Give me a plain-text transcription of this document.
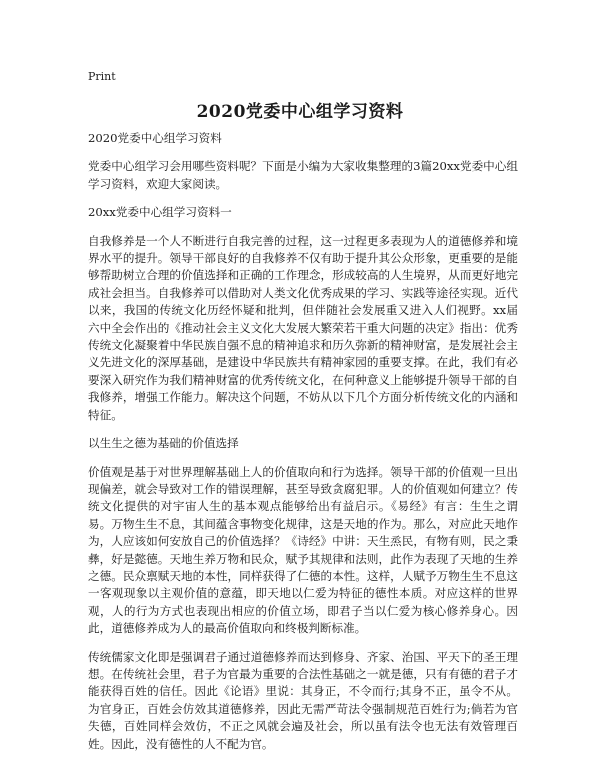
Print
2020党委中心组学习资料

2020党委中心组学习资料

党委中心组学习会用哪些资料呢？下面是小编为大家收集整理的3篇20xx党委中心组学习资料，欢迎大家阅读。

20xx党委中心组学习资料一

自我修养是一个人不断进行自我完善的过程，这一过程更多表现为人的道德修养和境界水平的提升。领导干部良好的自我修养不仅有助于提升其公众形象，更重要的是能够帮助树立合理的价值选择和正确的工作理念，形成较高的人生境界，从而更好地完成社会担当。自我修养可以借助对人类文化优秀成果的学习、实践等途径实现。近代以来，我国的传统文化历经怀疑和批判，但伴随社会发展重又进入人们视野。xx届六中全会作出的《推动社会主义文化大发展大繁荣若干重大问题的决定》指出：优秀传统文化凝聚着中华民族自强不息的精神追求和历久弥新的精神财富，是发展社会主义先进文化的深厚基础，是建设中华民族共有精神家园的重要支撑。在此，我们有必要深入研究作为我们精神财富的优秀传统文化，在何种意义上能够提升领导干部的自我修养，增强工作能力。解决这个问题，不妨从以下几个方面分析传统文化的内涵和特征。

以生生之德为基础的价值选择

价值观是基于对世界理解基础上人的价值取向和行为选择。领导干部的价值观一旦出现偏差，就会导致对工作的错误理解，甚至导致贪腐犯罪。人的价值观如何建立？传统文化提供的对宇宙人生的基本观点能够给出有益启示。《易经》有言：生生之谓易。万物生生不息，其间蕴含事物变化规律，这是天地的作为。那么，对应此天地作为，人应该如何安放自己的价值选择？《诗经》中讲：天生烝民，有物有则，民之秉彝，好是懿德。天地生养万物和民众，赋予其规律和法则，此作为表现了天地的生养之德。民众禀赋天地的本性，同样获得了仁德的本性。这样，人赋予万物生生不息这一客观现象以主观价值的意蕴，即天地以仁爱为特征的德性本质。对应这样的世界观，人的行为方式也表现出相应的价值立场，即君子当以仁爱为核心修养身心。因此，道德修养成为人的最高价值取向和终极判断标准。

传统儒家文化即是强调君子通过道德修养而达到修身、齐家、治国、平天下的圣王理想。在传统社会里，君子为官最为重要的合法性基础之一就是德，只有有德的君子才能获得百姓的信任。因此《论语》里说：其身正，不令而行;其身不正，虽令不从。为官身正，百姓会仿效其道德修养，因此无需严苛法令强制规范百姓行为;倘若为官失德，百姓同样会效仿，不正之风就会遍及社会，所以虽有法令也无法有效管理百姓。因此，没有德性的人不配为官。
